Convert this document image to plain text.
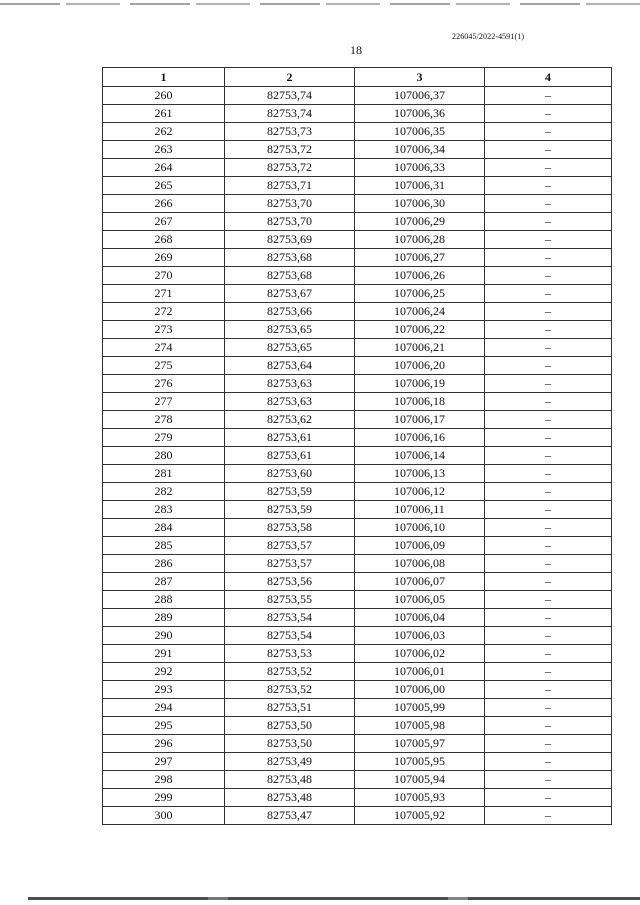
226045/2022-4591(1)
18
1	2	3	4
260	82753,74	107006,37	–
261	82753,74	107006,36	–
262	82753,73	107006,35	–
263	82753,72	107006,34	–
264	82753,72	107006,33	–
265	82753,71	107006,31	–
266	82753,70	107006,30	–
267	82753,70	107006,29	–
268	82753,69	107006,28	–
269	82753,68	107006,27	–
270	82753,68	107006,26	–
271	82753,67	107006,25	–
272	82753,66	107006,24	–
273	82753,65	107006,22	–
274	82753,65	107006,21	–
275	82753,64	107006,20	–
276	82753,63	107006,19	–
277	82753,63	107006,18	–
278	82753,62	107006,17	–
279	82753,61	107006,16	–
280	82753,61	107006,14	–
281	82753,60	107006,13	–
282	82753,59	107006,12	–
283	82753,59	107006,11	–
284	82753,58	107006,10	–
285	82753,57	107006,09	–
286	82753,57	107006,08	–
287	82753,56	107006,07	–
288	82753,55	107006,05	–
289	82753,54	107006,04	–
290	82753,54	107006,03	–
291	82753,53	107006,02	–
292	82753,52	107006,01	–
293	82753,52	107006,00	–
294	82753,51	107005,99	–
295	82753,50	107005,98	–
296	82753,50	107005,97	–
297	82753,49	107005,95	–
298	82753,48	107005,94	–
299	82753,48	107005,93	–
300	82753,47	107005,92	–
